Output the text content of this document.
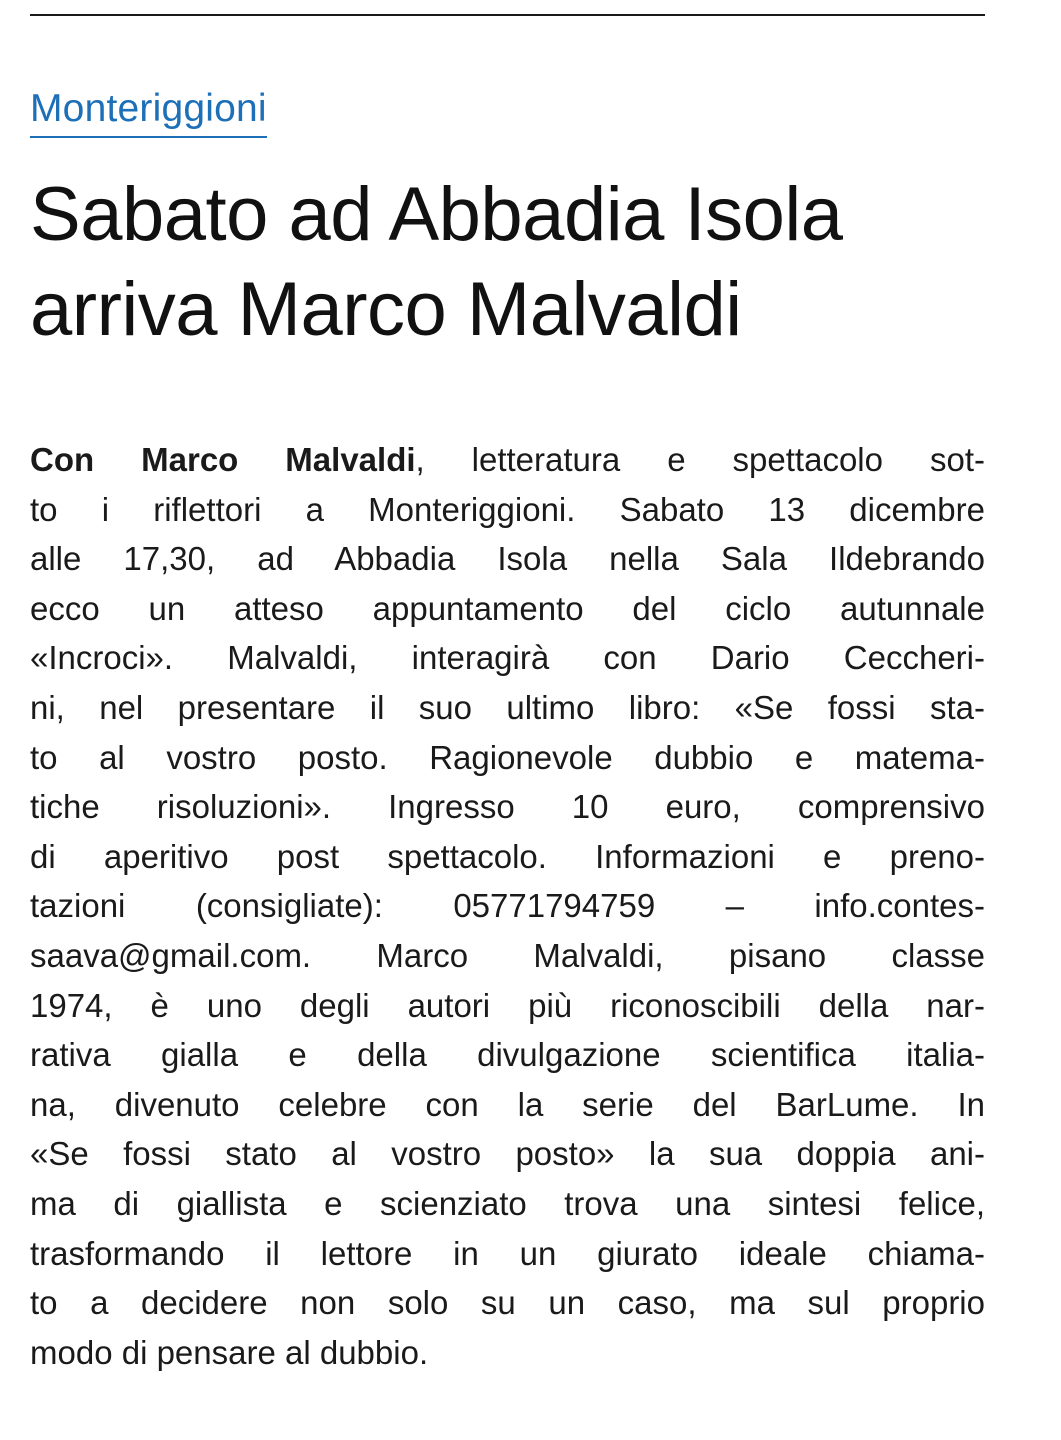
Monteriggioni
Sabato ad Abbadia Isola
arriva Marco Malvaldi
Con Marco Malvaldi, letteratura e spettacolo sot-
to i riflettori a Monteriggioni. Sabato 13 dicembre
alle 17,30, ad Abbadia Isola nella Sala Ildebrando
ecco un atteso appuntamento del ciclo autunnale
«Incroci». Malvaldi, interagirà con Dario Ceccheri-
ni, nel presentare il suo ultimo libro: «Se fossi sta-
to al vostro posto. Ragionevole dubbio e matema-
tiche risoluzioni». Ingresso 10 euro, comprensivo
di aperitivo post spettacolo. Informazioni e preno-
tazioni (consigliate): 05771794759 – info.contes-
saava@gmail.com. Marco Malvaldi, pisano classe
1974, è uno degli autori più riconoscibili della nar-
rativa gialla e della divulgazione scientifica italia-
na, divenuto celebre con la serie del BarLume. In
«Se fossi stato al vostro posto» la sua doppia ani-
ma di giallista e scienziato trova una sintesi felice,
trasformando il lettore in un giurato ideale chiama-
to a decidere non solo su un caso, ma sul proprio
modo di pensare al dubbio.
